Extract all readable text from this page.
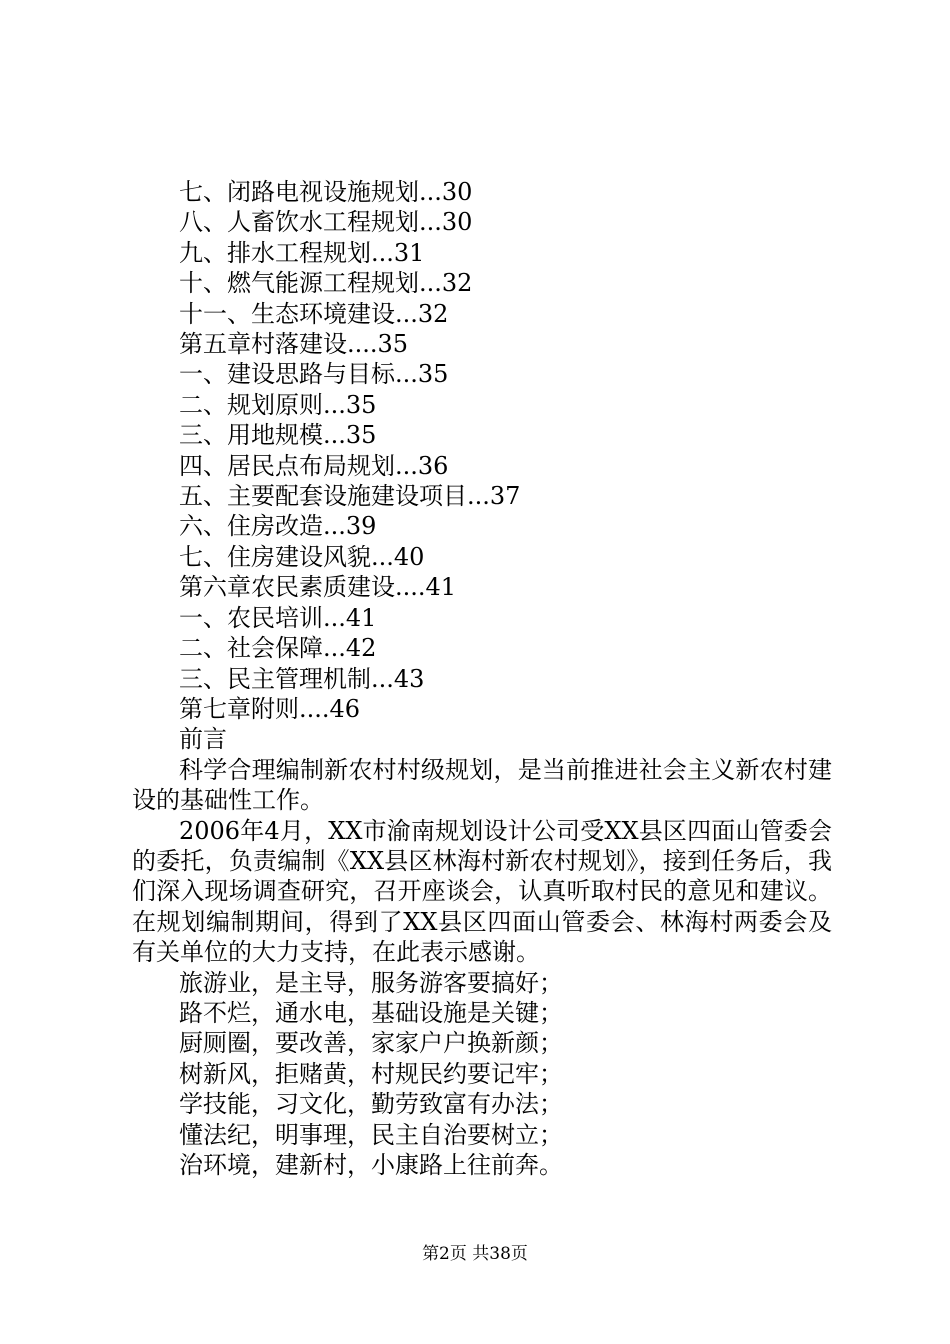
七、闭路电视设施规划...30
八、人畜饮水工程规划...30
九、排水工程规划...31
十、燃气能源工程规划...32
十一、生态环境建设...32
第五章村落建设....35
一、建设思路与目标...35
二、规划原则...35
三、用地规模...35
四、居民点布局规划...36
五、主要配套设施建设项目...37
六、住房改造...39
七、住房建设风貌...40
第六章农民素质建设....41
一、农民培训...41
二、社会保障...42
三、民主管理机制...43
第七章附则....46
前言
科学合理编制新农村村级规划，是当前推进社会主义新农村建设的基础性工作。
2006年4月，XX市渝南规划设计公司受XX县区四面山管委会的委托，负责编制《XX县区林海村新农村规划》，接到任务后，我们深入现场调查研究，召开座谈会，认真听取村民的意见和建议。在规划编制期间，得到了XX县区四面山管委会、林海村两委会及有关单位的大力支持，在此表示感谢。
旅游业，是主导，服务游客要搞好；
路不烂，通水电，基础设施是关键；
厨厕圈，要改善，家家户户换新颜；
树新风，拒赌黄，村规民约要记牢；
学技能，习文化，勤劳致富有办法；
懂法纪，明事理，民主自治要树立；
治环境，建新村，小康路上往前奔。
第2页 共38页
